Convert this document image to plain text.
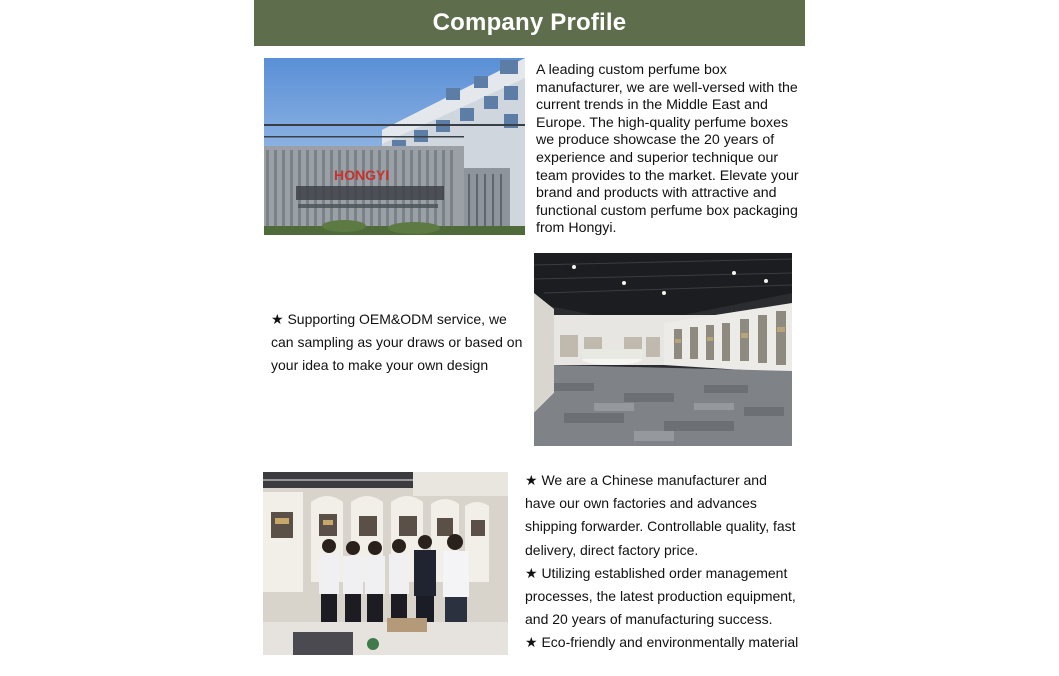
Company Profile
HONGYI
A leading custom perfume box manufacturer, we are well-versed with the current trends in the Middle East and Europe. The high-quality perfume boxes we produce showcase the 20 years of experience and superior technique our team provides to the market. Elevate your brand and products with attractive and functional custom perfume box packaging from Hongyi.

★ Supporting OEM&ODM service, we can sampling as your draws or based on your idea to make your own design

★ We are a Chinese manufacturer and have our own factories and advances shipping forwarder. Controllable quality, fast delivery, direct factory price.

★ Utilizing established order management processes, the latest production equipment, and 20 years of manufacturing success.

★ Eco-friendly and environmentally material
